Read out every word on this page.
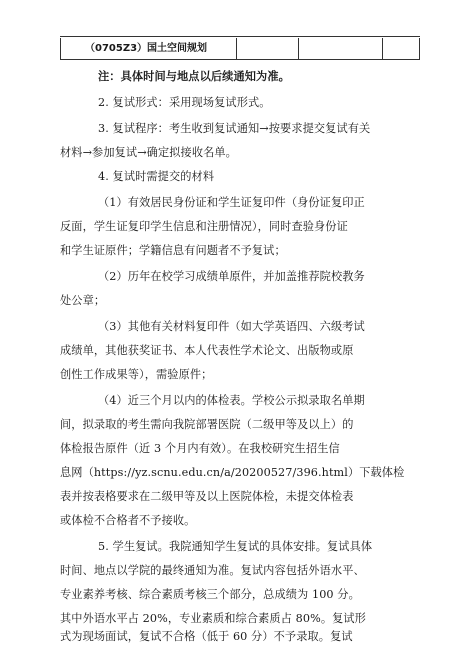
（0705Z3）国土空间规划
注：具体时间与地点以后续通知为准。
2. 复试形式：采用现场复试形式。
3. 复试程序：考生收到复试通知→按要求提交复试有关
材料→参加复试→确定拟接收名单。
4. 复试时需提交的材料
（1）有效居民身份证和学生证复印件（身份证复印正
反面，学生证复印学生信息和注册情况），同时查验身份证
和学生证原件；学籍信息有问题者不予复试；
（2）历年在校学习成绩单原件，并加盖推荐院校教务
处公章；
（3）其他有关材料复印件（如大学英语四、六级考试
成绩单，其他获奖证书、本人代表性学术论文、出版物或原
创性工作成果等），需验原件；
（4）近三个月以内的体检表。学校公示拟录取名单期
间，拟录取的考生需向我院部署医院（二级甲等及以上）的
体检报告原件（近 3 个月内有效）。在我校研究生招生信
息网（https://yz.scnu.edu.cn/a/20200527/396.html）下载体检
表并按表格要求在二级甲等及以上医院体检，未提交体检表
或体检不合格者不予接收。
5. 学生复试。我院通知学生复试的具体安排。复试具体
时间、地点以学院的最终通知为准。复试内容包括外语水平、
专业素养考核、综合素质考核三个部分，总成绩为 100 分。
其中外语水平占 20%，专业素质和综合素质占 80%。复试形
式为现场面试，复试不合格（低于 60 分）不予录取。复试
